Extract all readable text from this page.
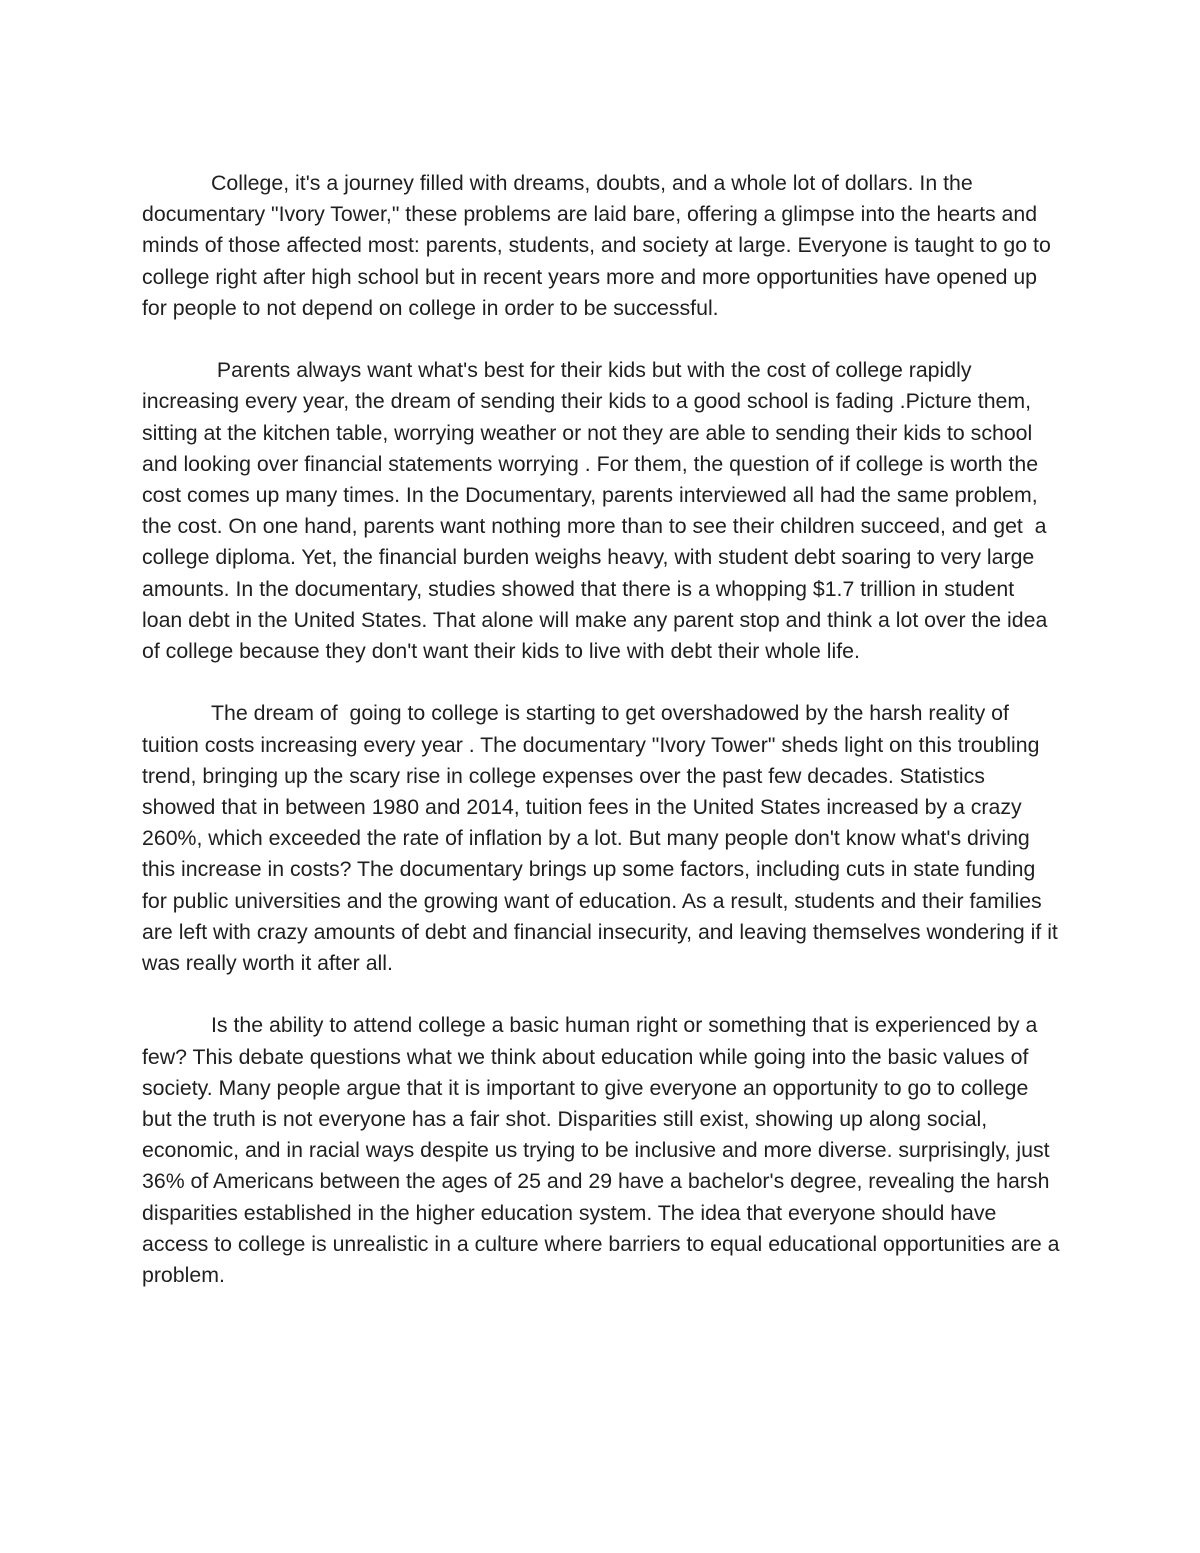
College, it's a journey filled with dreams, doubts, and a whole lot of dollars. In the documentary "Ivory Tower," these problems are laid bare, offering a glimpse into the hearts and minds of those affected most: parents, students, and society at large. Everyone is taught to go to college right after high school but in recent years more and more opportunities have opened up for people to not depend on college in order to be successful.

Parents always want what's best for their kids but with the cost of college rapidly increasing every year, the dream of sending their kids to a good school is fading .Picture them, sitting at the kitchen table, worrying weather or not they are able to sending their kids to school and looking over financial statements worrying . For them, the question of if college is worth the cost comes up many times. In the Documentary, parents interviewed all had the same problem, the cost. On one hand, parents want nothing more than to see their children succeed, and get  a college diploma. Yet, the financial burden weighs heavy, with student debt soaring to very large amounts. In the documentary, studies showed that there is a whopping $1.7 trillion in student loan debt in the United States. That alone will make any parent stop and think a lot over the idea of college because they don't want their kids to live with debt their whole life.

The dream of  going to college is starting to get overshadowed by the harsh reality of  tuition costs increasing every year . The documentary "Ivory Tower" sheds light on this troubling trend, bringing up the scary rise in college expenses over the past few decades. Statistics showed that in between 1980 and 2014, tuition fees in the United States increased by a crazy 260%, which exceeded the rate of inflation by a lot. But many people don't know what's driving this increase in costs? The documentary brings up some factors, including cuts in state funding for public universities and the growing want of education. As a result, students and their families are left with crazy amounts of debt and financial insecurity, and leaving themselves wondering if it was really worth it after all.

Is the ability to attend college a basic human right or something that is experienced by a few? This debate questions what we think about education while going into the basic values of society. Many people argue that it is important to give everyone an opportunity to go to college but the truth is not everyone has a fair shot. Disparities still exist, showing up along social, economic, and in racial ways despite us trying to be inclusive and more diverse. surprisingly, just 36% of Americans between the ages of 25 and 29 have a bachelor's degree, revealing the harsh disparities established in the higher education system. The idea that everyone should have access to college is unrealistic in a culture where barriers to equal educational opportunities are a problem.
